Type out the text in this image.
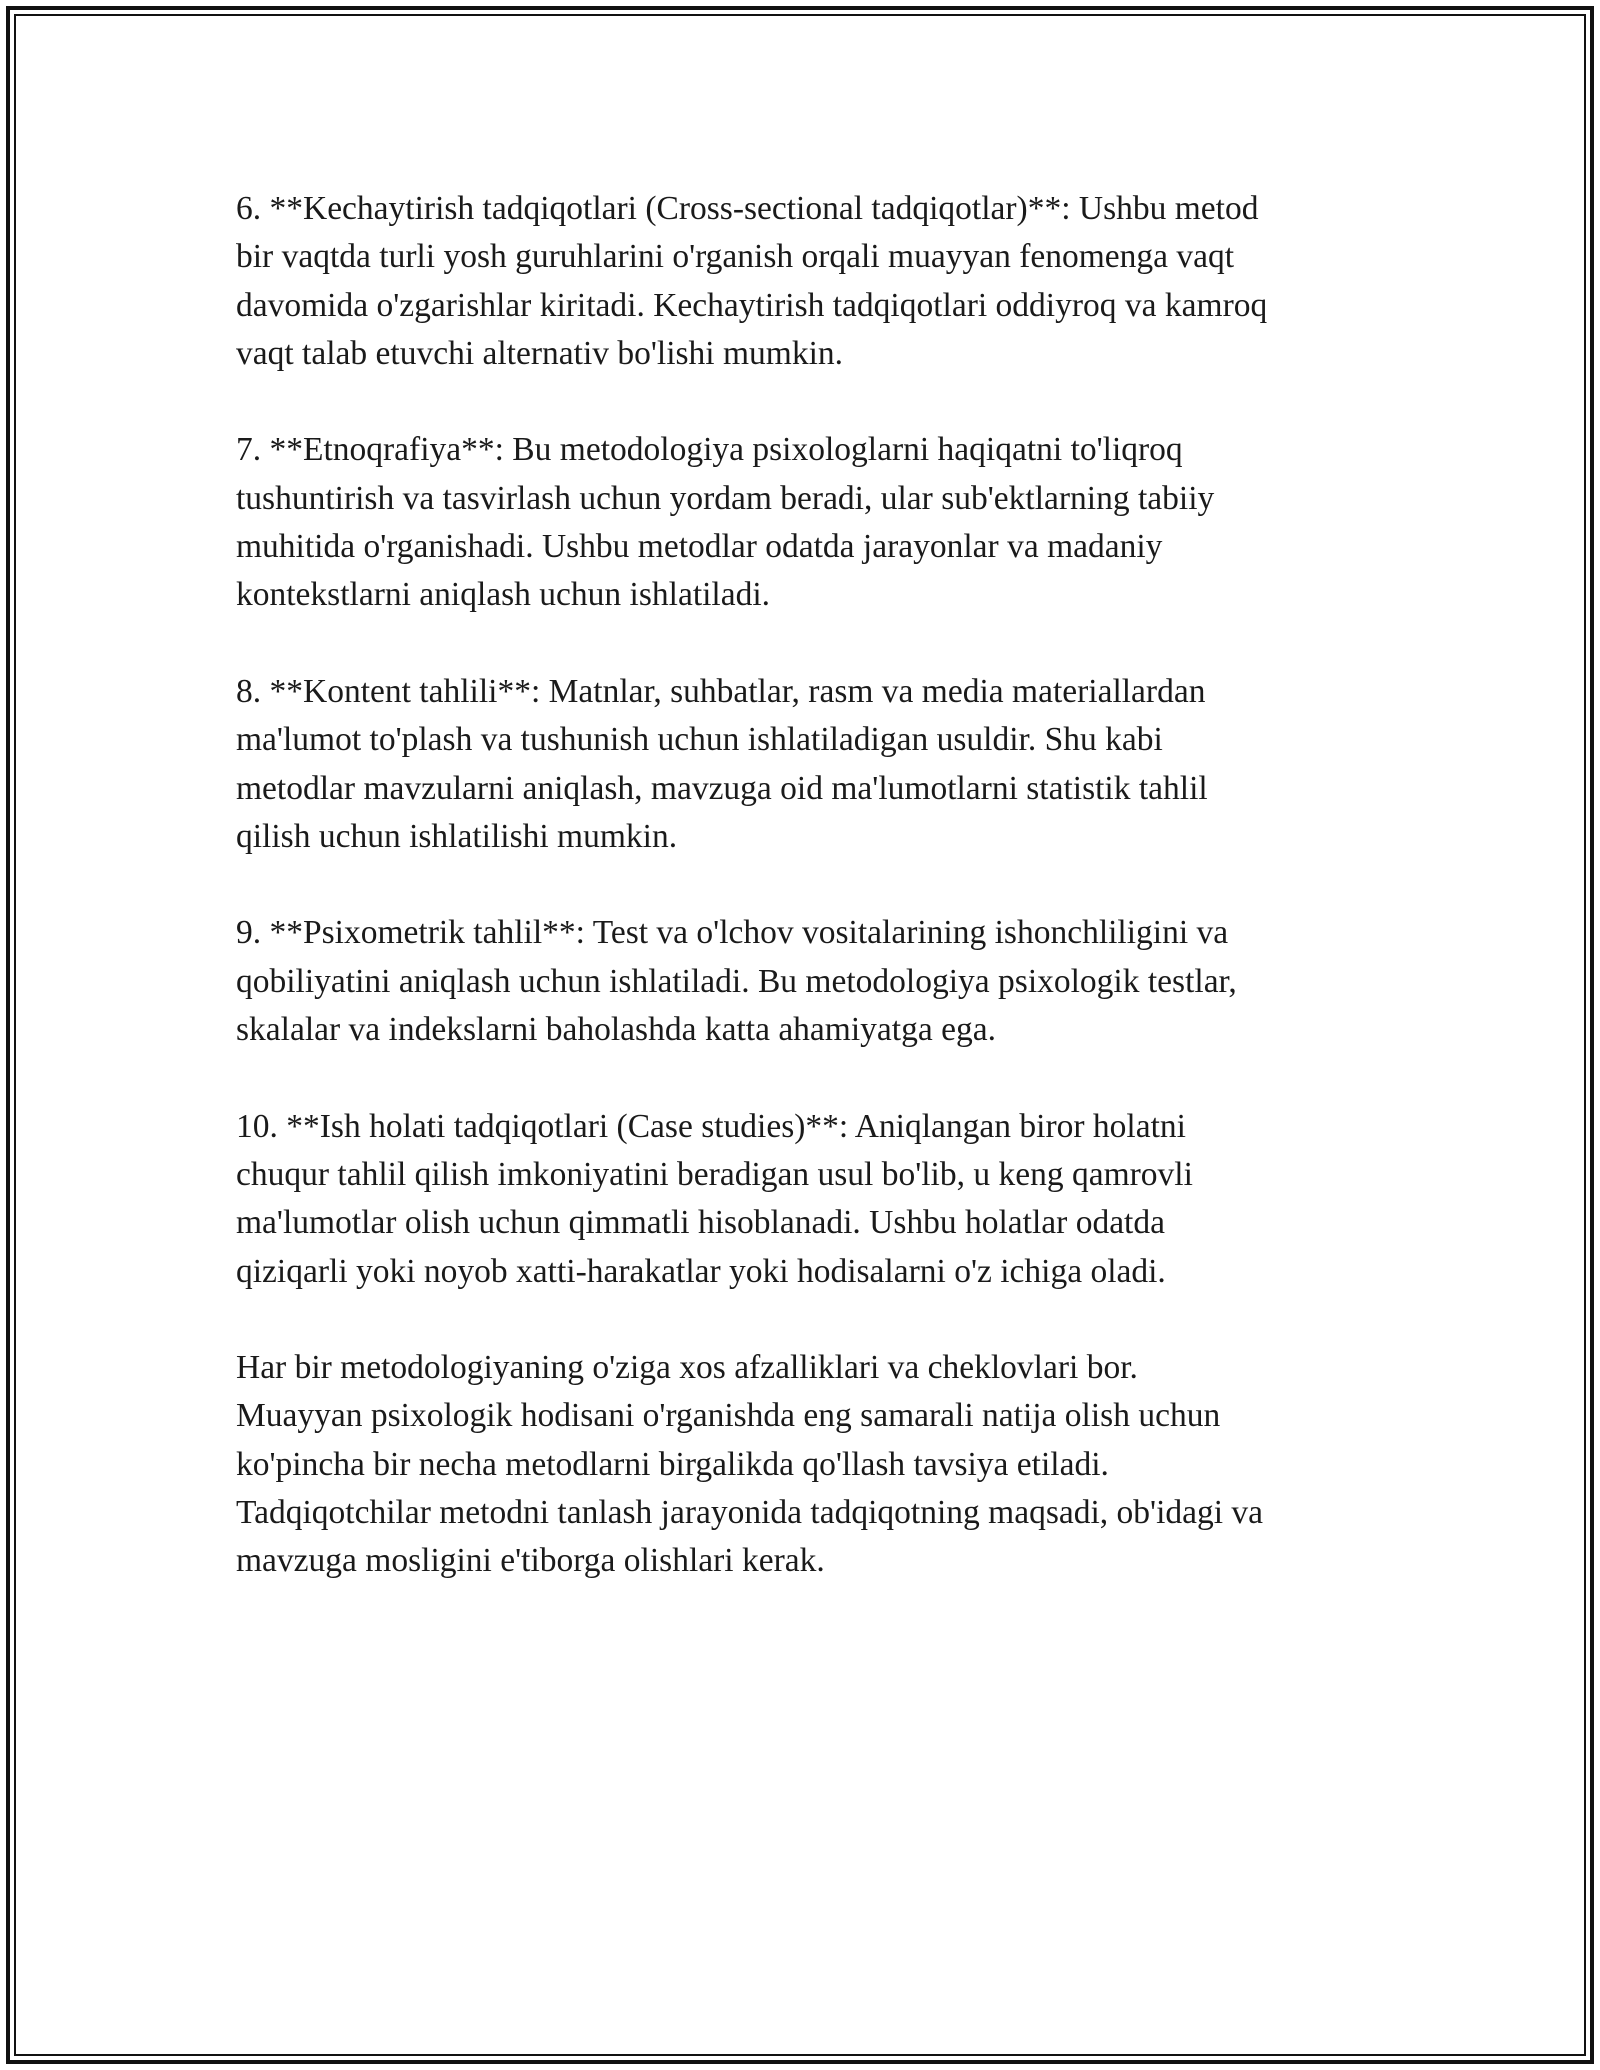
6. **Kechaytirish tadqiqotlari (Cross-sectional tadqiqotlar)**: Ushbu metod
bir vaqtda turli yosh guruhlarini o'rganish orqali muayyan fenomenga vaqt
davomida o'zgarishlar kiritadi. Kechaytirish tadqiqotlari oddiyroq va kamroq
vaqt talab etuvchi alternativ bo'lishi mumkin.

7. **Etnoqrafiya**: Bu metodologiya psixologlarni haqiqatni to'liqroq
tushuntirish va tasvirlash uchun yordam beradi, ular sub'ektlarning tabiiy
muhitida o'rganishadi. Ushbu metodlar odatda jarayonlar va madaniy
kontekstlarni aniqlash uchun ishlatiladi.

8. **Kontent tahlili**: Matnlar, suhbatlar, rasm va media materiallardan
ma'lumot to'plash va tushunish uchun ishlatiladigan usuldir. Shu kabi
metodlar mavzularni aniqlash, mavzuga oid ma'lumotlarni statistik tahlil
qilish uchun ishlatilishi mumkin.

9. **Psixometrik tahlil**: Test va o'lchov vositalarining ishonchliligini va
qobiliyatini aniqlash uchun ishlatiladi. Bu metodologiya psixologik testlar,
skalalar va indekslarni baholashda katta ahamiyatga ega.

10. **Ish holati tadqiqotlari (Case studies)**: Aniqlangan biror holatni
chuqur tahlil qilish imkoniyatini beradigan usul bo'lib, u keng qamrovli
ma'lumotlar olish uchun qimmatli hisoblanadi. Ushbu holatlar odatda
qiziqarli yoki noyob xatti-harakatlar yoki hodisalarni o'z ichiga oladi.

Har bir metodologiyaning o'ziga xos afzalliklari va cheklovlari bor.
Muayyan psixologik hodisani o'rganishda eng samarali natija olish uchun
ko'pincha bir necha metodlarni birgalikda qo'llash tavsiya etiladi.
Tadqiqotchilar metodni tanlash jarayonida tadqiqotning maqsadi, ob'idagi va
mavzuga mosligini e'tiborga olishlari kerak.
